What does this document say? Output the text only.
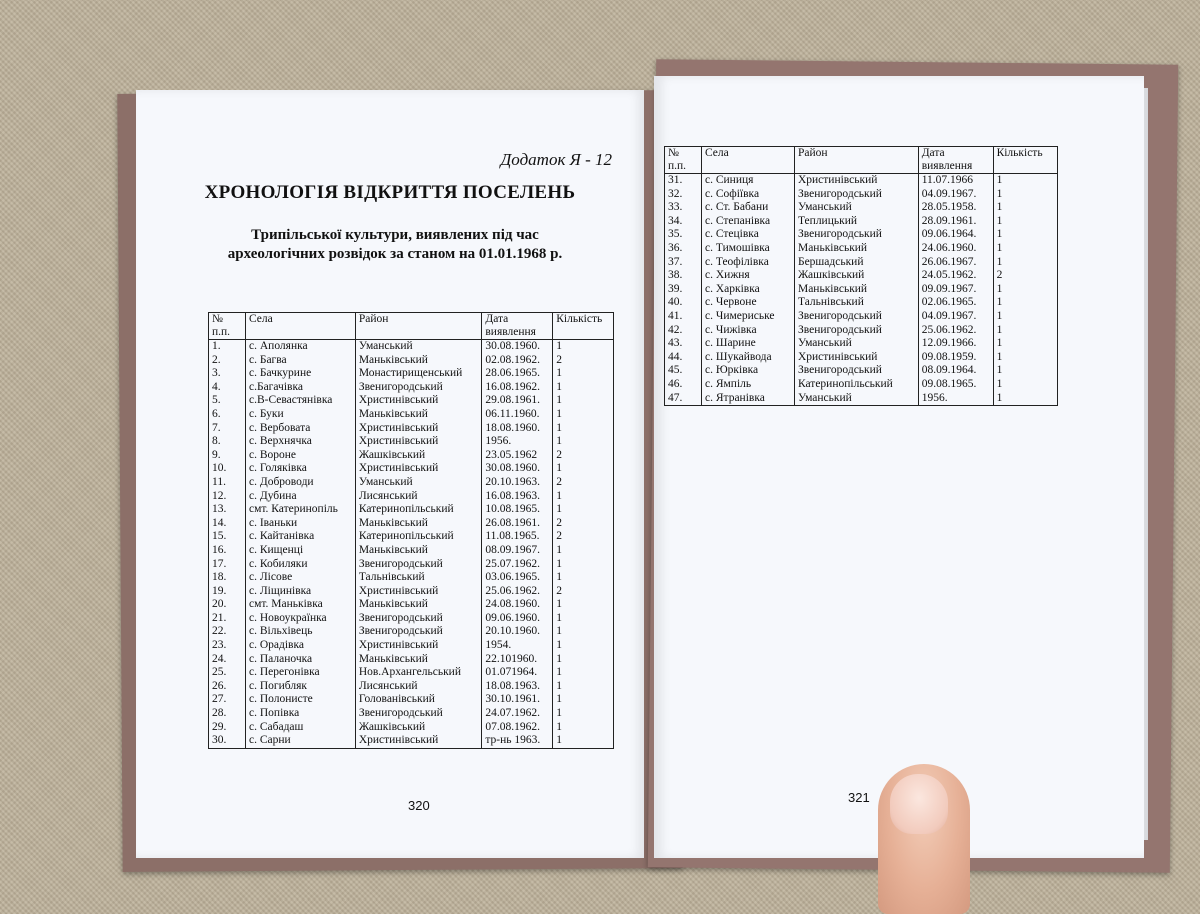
Додаток Я - 12
ХРОНОЛОГІЯ ВІДКРИТТЯ ПОСЕЛЕНЬ
Трипільської культури, виявлених під час
археологічних розвідок за станом на 01.01.1968 р.
№
п.п.	Села	Район	Дата
виявлення	Кількість
1.	с. Аполянка	Уманський	30.08.1960.	1
2.	с. Багва	Маньківський	02.08.1962.	2
3.	с. Бачкурине	Монастирищенський	28.06.1965.	1
4.	с.Багачівка	Звенигородський	16.08.1962.	1
5.	с.В-Севастянівка	Христинівський	29.08.1961.	1
6.	с. Буки	Маньківський	06.11.1960.	1
7.	с. Вербовата	Христинівський	18.08.1960.	1
8.	с. Верхнячка	Христинівський	1956.	1
9.	с. Вороне	Жашківський	23.05.1962	2
10.	с. Голяківка	Христинівський	30.08.1960.	1
11.	с. Доброводи	Уманський	20.10.1963.	2
12.	с. Дубина	Лисянський	16.08.1963.	1
13.	смт. Катеринопіль	Катеринопільський	10.08.1965.	1
14.	с. Іваньки	Маньківський	26.08.1961.	2
15.	с. Кайтанівка	Катеринопільський	11.08.1965.	2
16.	с. Кищенці	Маньківський	08.09.1967.	1
17.	с. Кобиляки	Звенигородський	25.07.1962.	1
18.	с. Лісове	Тальнівський	03.06.1965.	1
19.	с. Ліщинівка	Христинівський	25.06.1962.	2
20.	смт. Маньківка	Маньківський	24.08.1960.	1
21.	с. Новоукраїнка	Звенигородський	09.06.1960.	1
22.	с. Вільхівець	Звенигородський	20.10.1960.	1
23.	с. Орадівка	Христинівський	1954.	1
24.	с. Паланочка	Маньківський	22.101960.	1
25.	с. Перегонівка	Нов.Архангельський	01.071964.	1
26.	с. Погибляк	Лисянський	18.08.1963.	1
27.	с. Полонисте	Голованівський	30.10.1961.	1
28.	с. Попівка	Звенигородський	24.07.1962.	1
29.	с. Сабадаш	Жашківський	07.08.1962.	1
30.	с. Сарни	Христинівський	тр-нь 1963.	1
320
№
п.п.	Села	Район	Дата
виявлення	Кількість
31.	с. Синиця	Христинівський	11.07.1966	1
32.	с. Софіївка	Звенигородський	04.09.1967.	1
33.	с. Ст. Бабани	Уманський	28.05.1958.	1
34.	с. Степанівка	Теплицький	28.09.1961.	1
35.	с. Стецівка	Звенигородський	09.06.1964.	1
36.	с. Тимошівка	Маньківський	24.06.1960.	1
37.	с. Теофілівка	Бершадський	26.06.1967.	1
38.	с. Хижня	Жашківський	24.05.1962.	2
39.	с. Харківка	Маньківський	09.09.1967.	1
40.	с. Червоне	Тальнівський	02.06.1965.	1
41.	с. Чимериське	Звенигородський	04.09.1967.	1
42.	с. Чижівка	Звенигородський	25.06.1962.	1
43.	с. Шарине	Уманський	12.09.1966.	1
44.	с. Шукайвода	Христинівський	09.08.1959.	1
45.	с. Юрківка	Звенигородський	08.09.1964.	1
46.	с. Ямпіль	Катеринопільський	09.08.1965.	1
47.	с. Ятранівка	Уманський	1956.	1
321
